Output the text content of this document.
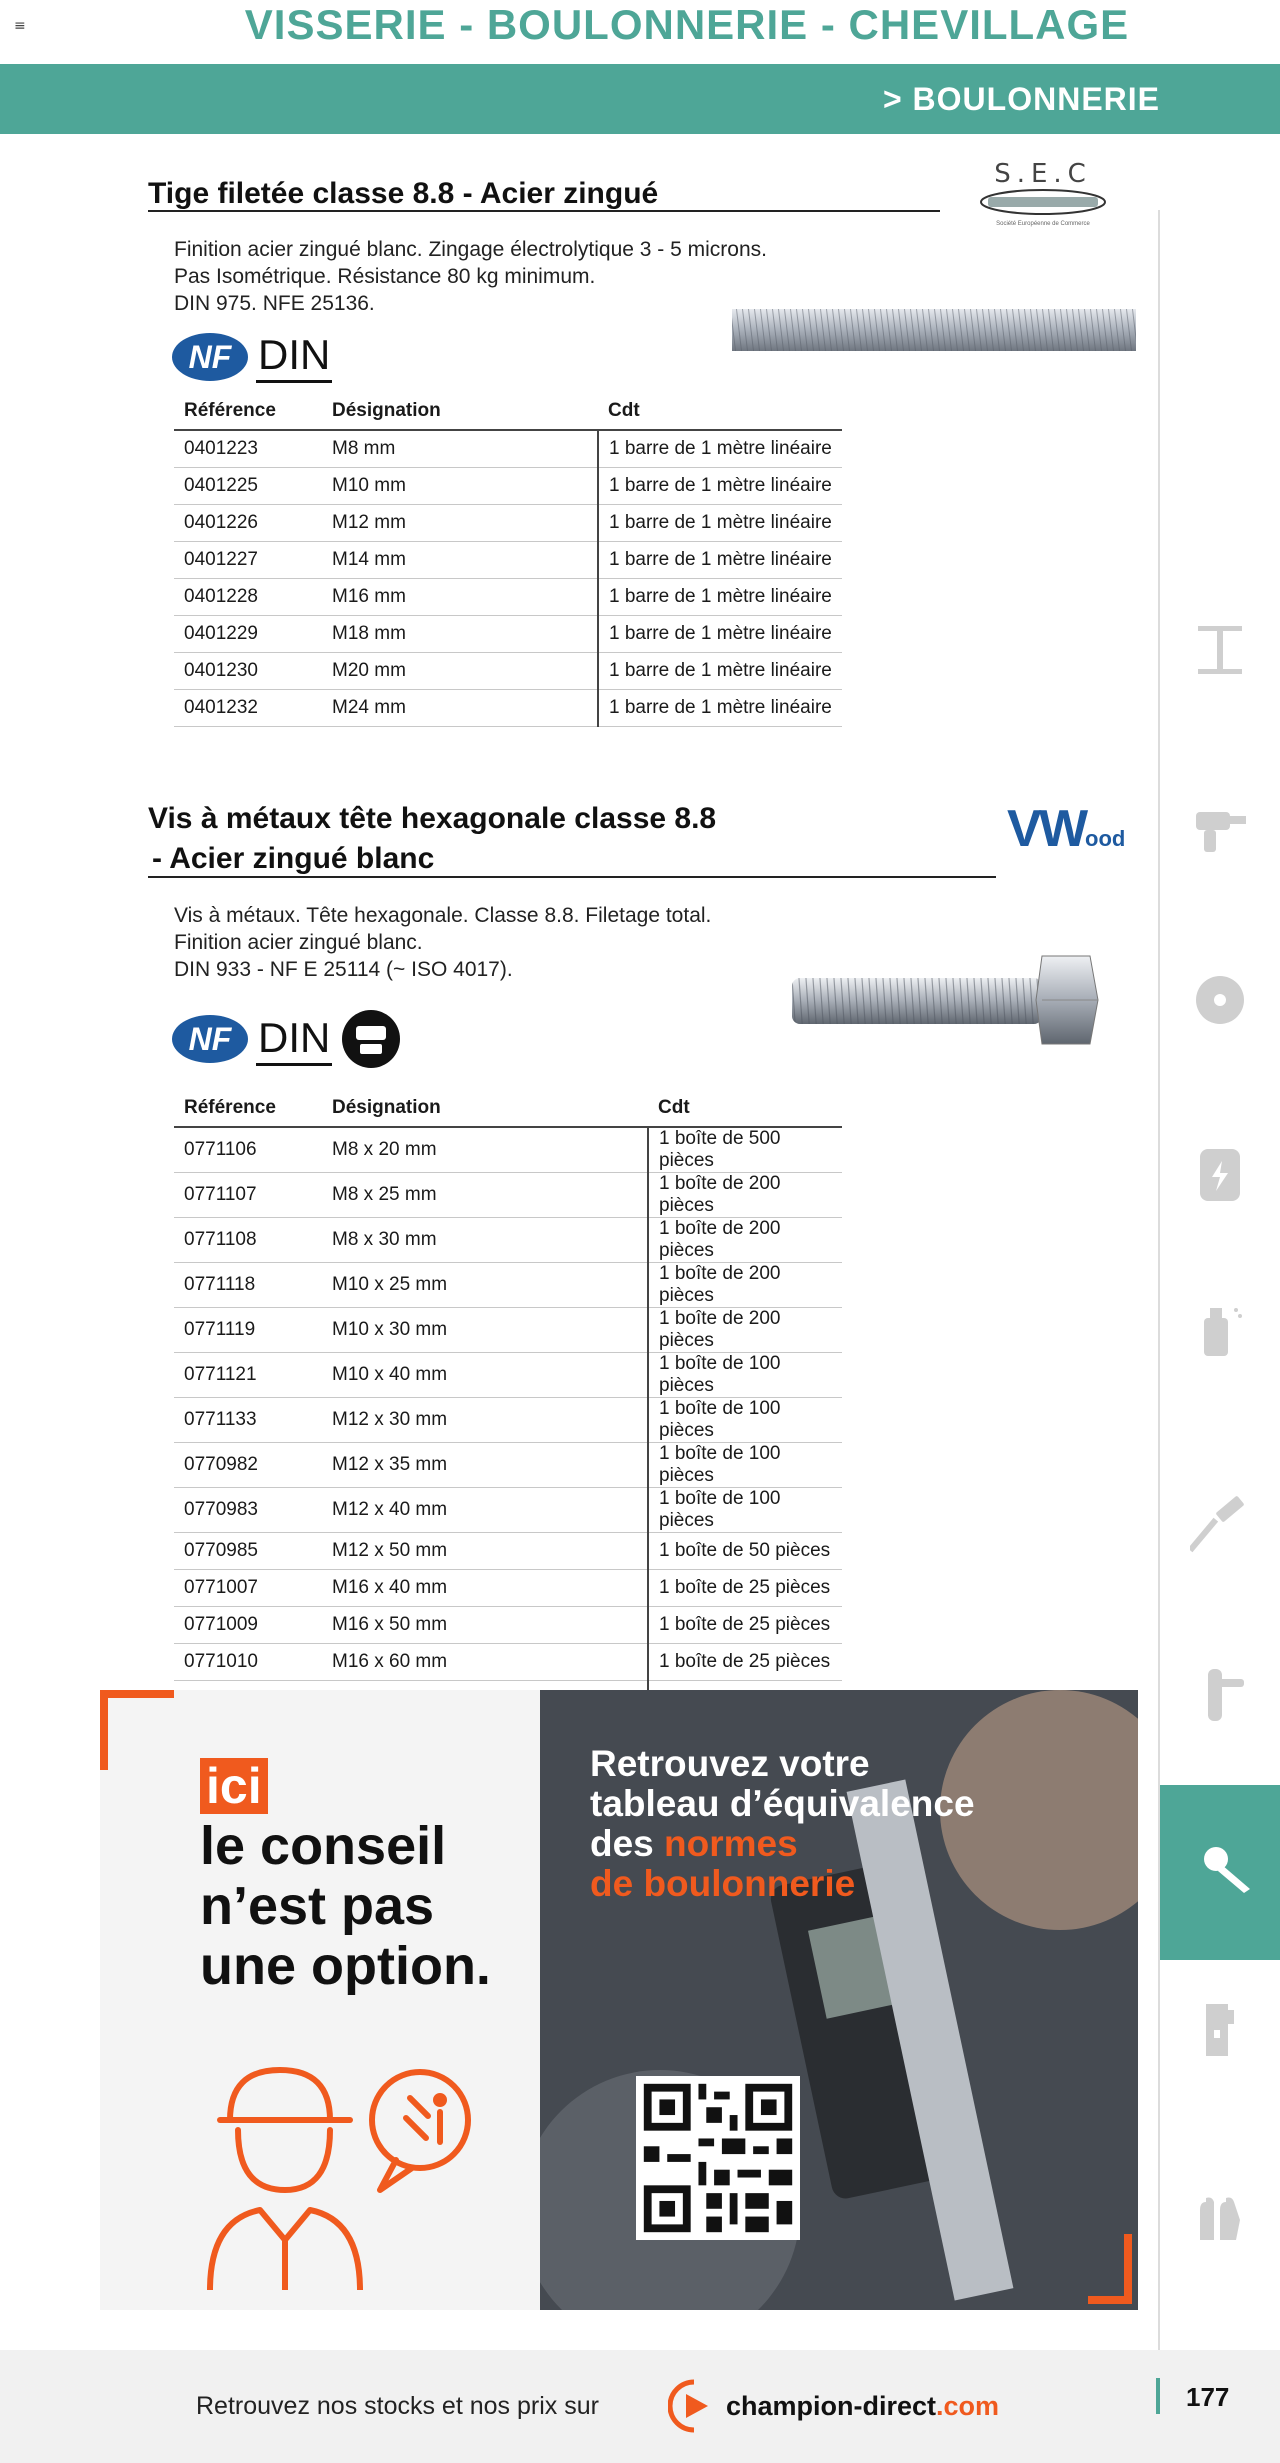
≡	VISSERIE - BOULONNERIE - CHEVILLAGE
> BOULONNERIE
Tige filetée classe 8.8 - Acier zingué
S.E.C
Société Européenne de Commerce
Finition acier zingué blanc. Zingage électrolytique 3 - 5 microns.
Pas Isométrique. Résistance 80 kg minimum.
DIN 975. NFE 25136.
NF DIN
Référence	Désignation	Cdt
0401223	M8 mm	1 barre de 1 mètre linéaire
0401225	M10 mm	1 barre de 1 mètre linéaire
0401226	M12 mm	1 barre de 1 mètre linéaire
0401227	M14 mm	1 barre de 1 mètre linéaire
0401228	M16 mm	1 barre de 1 mètre linéaire
0401229	M18 mm	1 barre de 1 mètre linéaire
0401230	M20 mm	1 barre de 1 mètre linéaire
0401232	M24 mm	1 barre de 1 mètre linéaire
Vis à métaux tête hexagonale classe 8.8
- Acier zingué blanc
V
W
ood
Vis à métaux. Tête hexagonale. Classe 8.8. Filetage total.
Finition acier zingué blanc.
DIN 933 - NF E 25114 (~ ISO 4017).
NF DIN
Référence	Désignation	Cdt
0771106	M8 x 20 mm	1 boîte de 500 pièces
0771107	M8 x 25 mm	1 boîte de 200 pièces
0771108	M8 x 30 mm	1 boîte de 200 pièces
0771118	M10 x 25 mm	1 boîte de 200 pièces
0771119	M10 x 30 mm	1 boîte de 200 pièces
0771121	M10 x 40 mm	1 boîte de 100 pièces
0771133	M12 x 30 mm	1 boîte de 100 pièces
0770982	M12 x 35 mm	1 boîte de 100 pièces
0770983	M12 x 40 mm	1 boîte de 100 pièces
0770985	M12 x 50 mm	1 boîte de 50 pièces
0771007	M16 x 40 mm	1 boîte de 25 pièces
0771009	M16 x 50 mm	1 boîte de 25 pièces
0771010	M16 x 60 mm	1 boîte de 25 pièces

ici
le conseil
n’est pas
une option.
Retrouvez votre
tableau d’équivalence
des normes
de boulonnerie
Retrouvez nos stocks et nos prix sur	champion-direct .com	177
